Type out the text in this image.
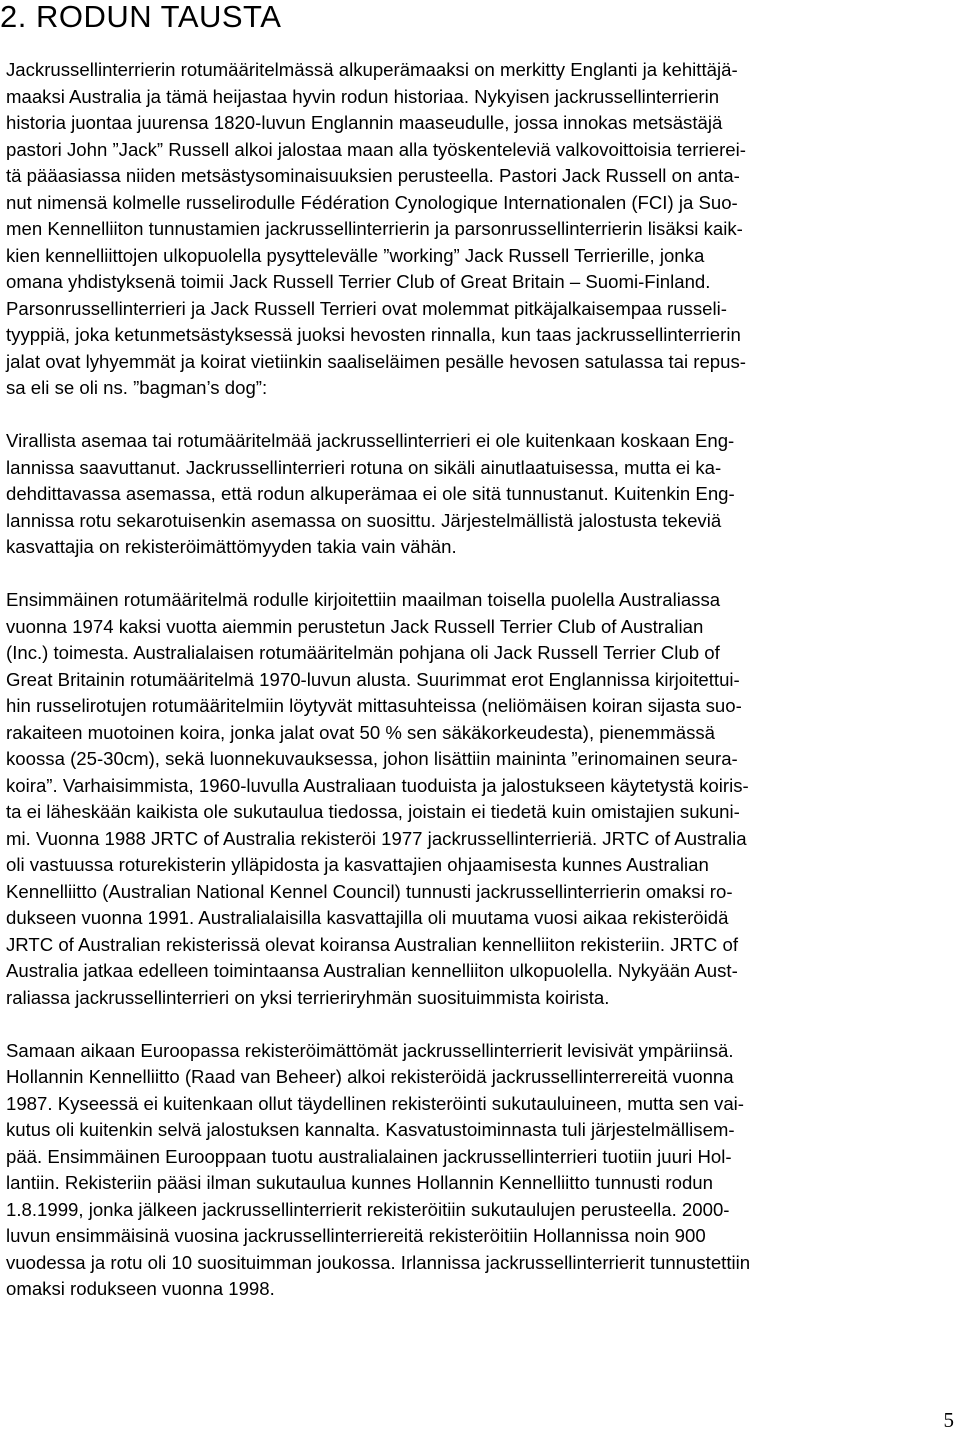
2. RODUN TAUSTA
Jackrussellinterrierin rotumääritelmässä alkuperämaaksi on merkitty Englanti ja kehittäjä-
maaksi Australia ja tämä heijastaa hyvin rodun historiaa. Nykyisen jackrussellinterrierin
historia juontaa juurensa 1820-luvun Englannin maaseudulle, jossa innokas metsästäjä
pastori John ”Jack” Russell alkoi jalostaa maan alla työskenteleviä valkovoittoisia terrierei-
tä pääasiassa niiden metsästysominaisuuksien perusteella. Pastori Jack Russell on anta-
nut nimensä kolmelle russelirodulle Fédération Cynologique Internationalen (FCI) ja Suo-
men Kennelliiton tunnustamien jackrussellinterrierin ja parsonrussellinterrierin lisäksi kaik-
kien kennelliittojen ulkopuolella pysyttelevälle ”working” Jack Russell Terrierille, jonka
omana yhdistyksenä toimii Jack Russell Terrier Club of Great Britain – Suomi-Finland.
Parsonrussellinterrieri ja Jack Russell Terrieri ovat molemmat pitkäjalkaisempaa russeli-
tyyppiä, joka ketunmetsästyksessä juoksi hevosten rinnalla, kun taas jackrussellinterrierin
jalat ovat lyhyemmät ja koirat vietiinkin saaliseläimen pesälle hevosen satulassa tai repus-
sa eli se oli ns. ”bagman’s dog”:
Virallista asemaa tai rotumääritelmää jackrussellinterrieri ei ole kuitenkaan koskaan Eng-
lannissa saavuttanut. Jackrussellinterrieri rotuna on sikäli ainutlaatuisessa, mutta ei ka-
dehdittavassa asemassa, että rodun alkuperämaa ei ole sitä tunnustanut. Kuitenkin Eng-
lannissa rotu sekarotuisenkin asemassa on suosittu. Järjestelmällistä jalostusta tekeviä
kasvattajia on rekisteröimättömyyden takia vain vähän.
Ensimmäinen rotumääritelmä rodulle kirjoitettiin maailman toisella puolella Australiassa
vuonna 1974 kaksi vuotta aiemmin perustetun Jack Russell Terrier Club of Australian
(Inc.) toimesta. Australialaisen rotumääritelmän pohjana oli Jack Russell Terrier Club of
Great Britainin rotumääritelmä 1970-luvun alusta. Suurimmat erot Englannissa kirjoitettui-
hin russelirotujen rotumääritelmiin löytyvät mittasuhteissa (neliömäisen koiran sijasta suo-
rakaiteen muotoinen koira, jonka jalat ovat 50 % sen säkäkorkeudesta), pienemmässä
koossa (25-30cm), sekä luonnekuvauksessa, johon lisättiin maininta ”erinomainen seura-
koira”. Varhaisimmista, 1960-luvulla Australiaan tuoduista ja jalostukseen käytetystä koiris-
ta ei läheskään kaikista ole sukutaulua tiedossa, joistain ei tiedetä kuin omistajien sukuni-
mi. Vuonna 1988 JRTC of Australia rekisteröi 1977 jackrussellinterrieriä. JRTC of Australia
oli vastuussa roturekisterin ylläpidosta ja kasvattajien ohjaamisesta kunnes Australian
Kennelliitto (Australian National Kennel Council) tunnusti jackrussellinterrierin omaksi ro-
dukseen vuonna 1991. Australialaisilla kasvattajilla oli muutama vuosi aikaa rekisteröidä
JRTC of Australian rekisterissä olevat koiransa Australian kennelliiton rekisteriin. JRTC of
Australia jatkaa edelleen toimintaansa Australian kennelliiton ulkopuolella. Nykyään Aust-
raliassa jackrussellinterrieri on yksi terrieriryhmän suosituimmista koirista.
Samaan aikaan Euroopassa rekisteröimättömät jackrussellinterrierit levisivät ympäriinsä.
Hollannin Kennelliitto (Raad van Beheer) alkoi rekisteröidä jackrussellinterrereitä vuonna
1987. Kyseessä ei kuitenkaan ollut täydellinen rekisteröinti sukutauluineen, mutta sen vai-
kutus oli kuitenkin selvä jalostuksen kannalta. Kasvatustoiminnasta tuli järjestelmällisem-
pää. Ensimmäinen Eurooppaan tuotu australialainen jackrussellinterrieri tuotiin juuri Hol-
lantiin. Rekisteriin pääsi ilman sukutaulua kunnes Hollannin Kennelliitto tunnusti rodun
1.8.1999, jonka jälkeen jackrussellinterrierit rekisteröitiin sukutaulujen perusteella. 2000-
luvun ensimmäisinä vuosina jackrussellinterriereitä rekisteröitiin Hollannissa noin 900
vuodessa ja rotu oli 10 suosituimman joukossa. Irlannissa jackrussellinterrierit tunnustettiin
omaksi rodukseen vuonna 1998.
5
